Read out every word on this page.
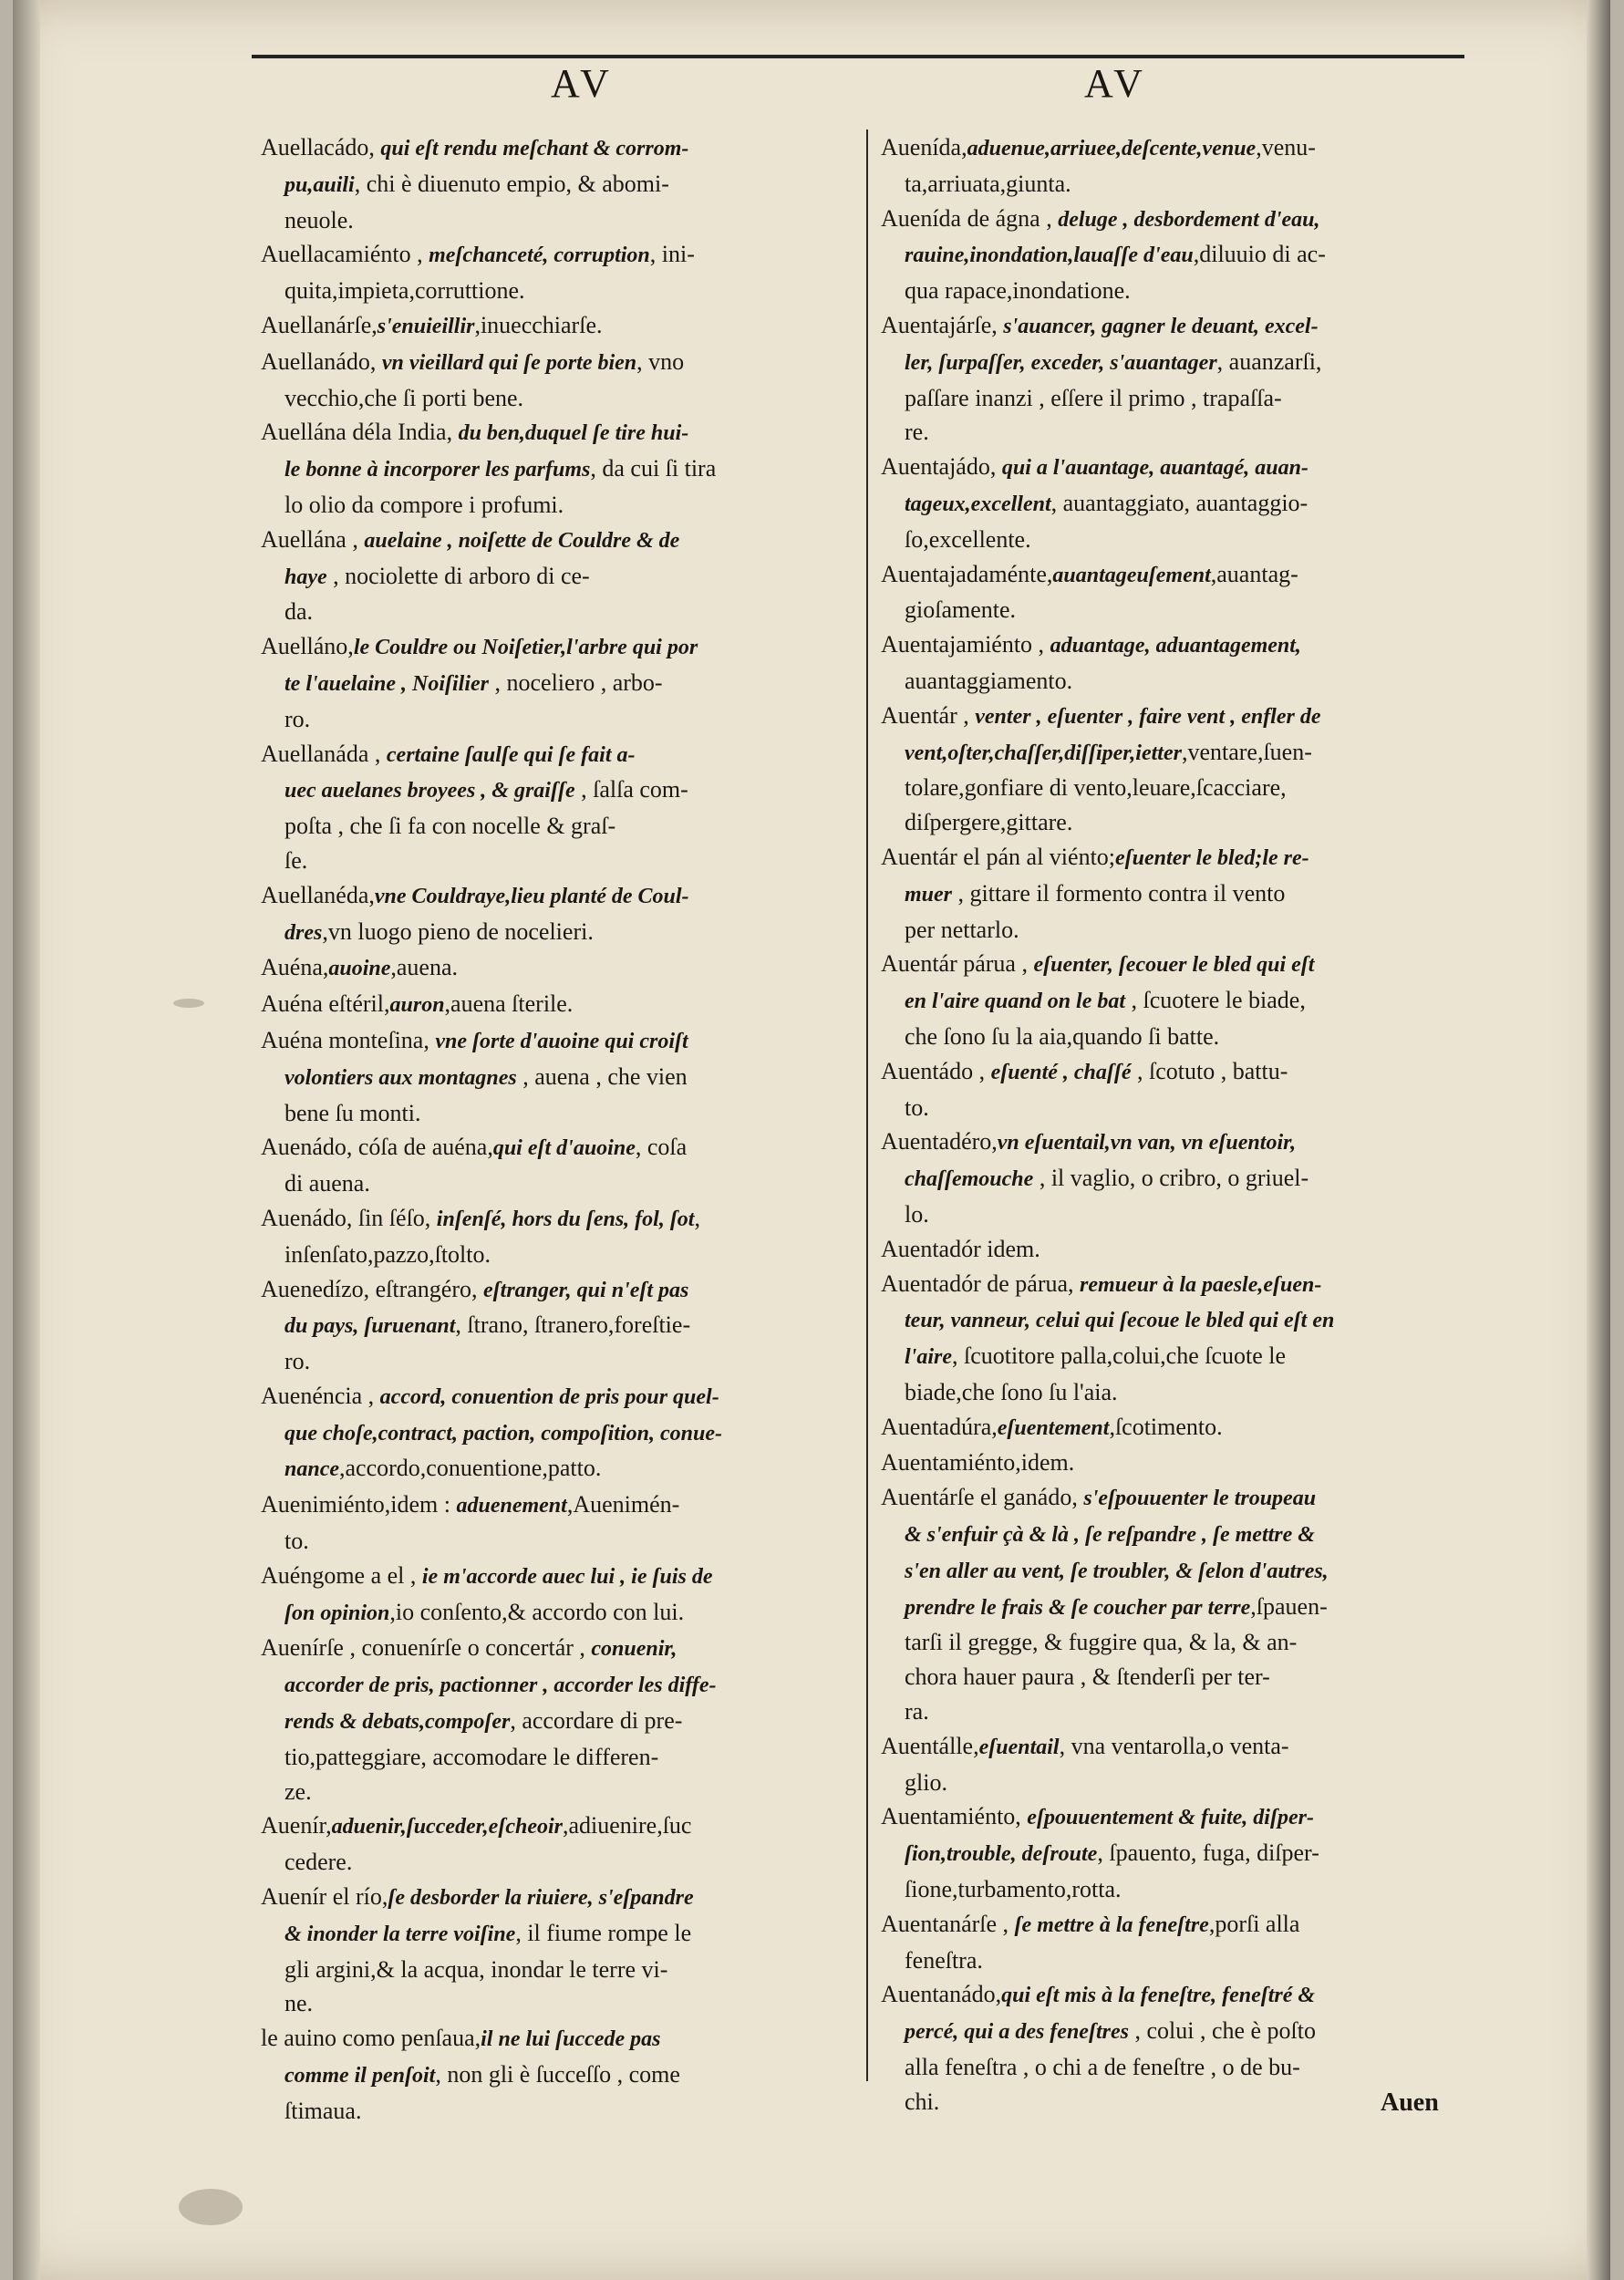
AV	AV
Auellacádo, qui eſt rendu meſchant & corrom-
pu,auili, chi è diuenuto empio, & abomi-
neuole.
Auellacamiénto , meſchanceté, corruption, ini-
quita,impieta,corruttione.
Auellanárſe,s'enuieillir,inuecchiarſe.
Auellanádo, vn vieillard qui ſe porte bien, vno
vecchio,che ſi porti bene.
Auellána déla India, du ben,duquel ſe tire hui-
le bonne à incorporer les parfums, da cui ſi tira
lo olio da compore i profumi.
Auellána , auelaine , noiſette de Couldre & de
haye , nociolette di arboro di ce-
da.
Auelláno,le Couldre ou Noiſetier,l'arbre qui por
te l'auelaine , Noiſilier , noceliero , arbo-
ro.
Auellanáda , certaine ſaulſe qui ſe fait a-
uec auelanes broyees , & graiſſe , ſalſa com-
poſta , che ſi fa con nocelle & graſ-
ſe.
Auellanéda,vne Couldraye,lieu planté de Coul-
dres,vn luogo pieno de nocelieri.
Auéna,auoine,auena.
Auéna eſtéril,auron,auena ſterile.
Auéna monteſina, vne ſorte d'auoine qui croiſt
volontiers aux montagnes , auena , che vien
bene ſu monti.
Auenádo, cóſa de auéna,qui eſt d'auoine, coſa
di auena.
Auenádo, ſin ſéſo, inſenſé, hors du ſens, fol, ſot,
inſenſato,pazzo,ſtolto.
Auenedízo, eſtrangéro, eſtranger, qui n'eſt pas
du pays, ſuruenant, ſtrano, ſtranero,foreſtie-
ro.
Auenéncia , accord, conuention de pris pour quel-
que choſe,contract, paction, compoſition, conue-
nance,accordo,conuentione,patto.
Auenimiénto,idem : aduenement,Auenimén-
to.
Auéngome a el , ie m'accorde auec lui , ie ſuis de
ſon opinion,io conſento,& accordo con lui.
Auenírſe , conuenírſe o concertár , conuenir,
accorder de pris, pactionner , accorder les diffe-
rends & debats,compoſer, accordare di pre-
tio,patteggiare, accomodare le differen-
ze.
Auenír,aduenir,ſucceder,eſcheoir,adiuenire,ſuc
cedere.
Auenír el río,ſe desborder la riuiere, s'eſpandre
& inonder la terre voiſine, il fiume rompe le
gli argini,& la acqua, inondar le terre vi-
ne.
le auino como penſaua,il ne lui ſuccede pas
comme il penſoit, non gli è ſucceſſo , come
ſtimaua.
Auenída,aduenue,arriuee,deſcente,venue,venu-
ta,arriuata,giunta.
Auenída de ágna , deluge , desbordement d'eau,
rauine,inondation,lauaſſe d'eau,diluuio di ac-
qua rapace,inondatione.
Auentajárſe, s'auancer, gagner le deuant, excel-
ler, ſurpaſſer, exceder, s'auantager, auanzarſi,
paſſare inanzi , eſſere il primo , trapaſſa-
re.
Auentajádo, qui a l'auantage, auantagé, auan-
tageux,excellent, auantaggiato, auantaggio-
ſo,excellente.
Auentajadaménte,auantageuſement,auantag-
gioſamente.
Auentajamiénto , aduantage, aduantagement,
auantaggiamento.
Auentár , venter , eſuenter , faire vent , enfler de
vent,oſter,chaſſer,diſſiper,ietter,ventare,ſuen-
tolare,gonfiare di vento,leuare,ſcacciare,
diſpergere,gittare.
Auentár el pán al viénto;eſuenter le bled;le re-
muer , gittare il formento contra il vento
per nettarlo.
Auentár párua , eſuenter, ſecouer le bled qui eſt
en l'aire quand on le bat , ſcuotere le biade,
che ſono ſu la aia,quando ſi batte.
Auentádo , eſuenté , chaſſé , ſcotuto , battu-
to.
Auentadéro,vn eſuentail,vn van, vn eſuentoir,
chaſſemouche , il vaglio, o cribro, o griuel-
lo.
Auentadór idem.
Auentadór de párua, remueur à la paesle,eſuen-
teur, vanneur, celui qui ſecoue le bled qui eſt en
l'aire, ſcuotitore palla,colui,che ſcuote le
biade,che ſono ſu l'aia.
Auentadúra,eſuentement,ſcotimento.
Auentamiénto,idem.
Auentárſe el ganádo, s'eſpouuenter le troupeau
& s'enfuir çà & là , ſe reſpandre , ſe mettre &
s'en aller au vent, ſe troubler, & ſelon d'autres,
prendre le frais & ſe coucher par terre,ſpauen-
tarſi il gregge, & fuggire qua, & la, & an-
chora hauer paura , & ſtenderſi per ter-
ra.
Auentálle,eſuentail, vna ventarolla,o venta-
glio.
Auentamiénto, eſpouuentement & fuite, diſper-
ſion,trouble, deſroute, ſpauento, fuga, diſper-
ſione,turbamento,rotta.
Auentanárſe , ſe mettre à la feneſtre,porſi alla
feneſtra.
Auentanádo,qui eſt mis à la feneſtre, feneſtré &
percé, qui a des feneſtres , colui , che è poſto
alla feneſtra , o chi a de feneſtre , o de bu-
chi.	Auen
